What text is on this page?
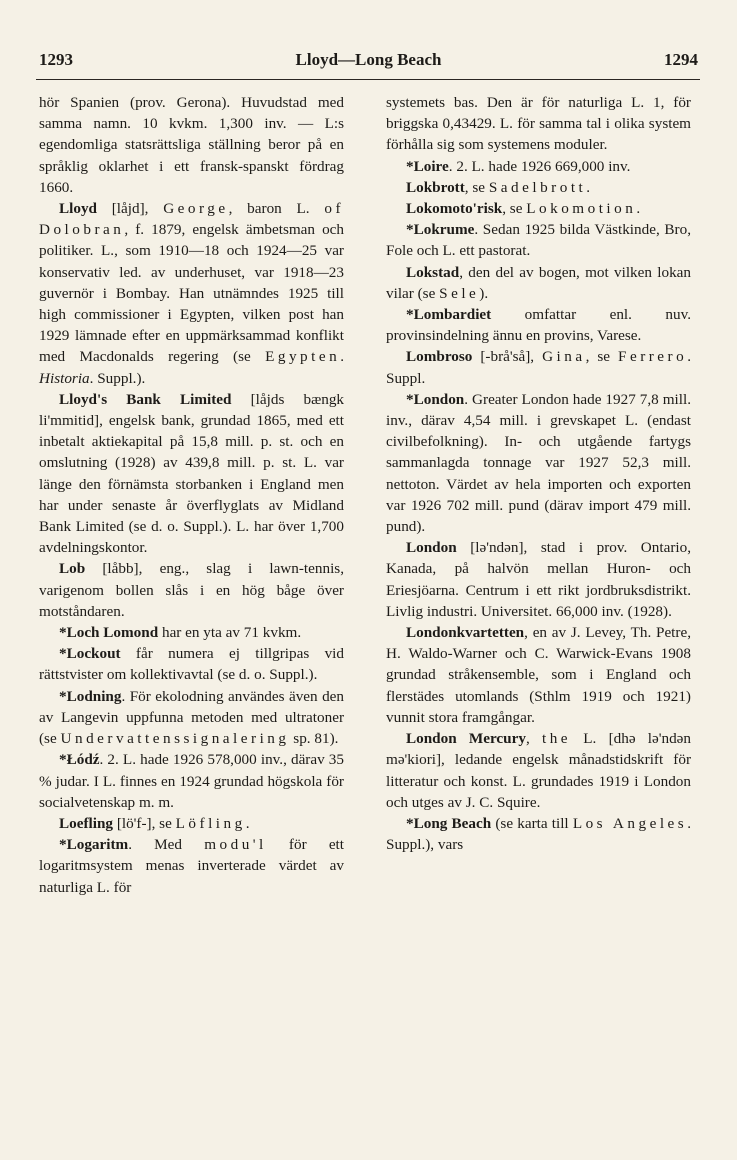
1293	Lloyd—Long Beach	1294

hör Spanien (prov. Gerona). Huvudstad med samma namn. 10 kvkm. 1,300 inv. — L:s egendomliga statsrättsliga ställning beror på en språklig oklarhet i ett fransk-spanskt fördrag 1660.

Lloyd [låjd], George, baron L. of Dolobran, f. 1879, engelsk ämbetsman och politiker. L., som 1910—18 och 1924—25 var konservativ led. av underhuset, var 1918—23 guvernör i Bombay. Han utnämndes 1925 till high commissioner i Egypten, vilken post han 1929 lämnade efter en uppmärksammad konflikt med Macdonalds regering (se Egypten. Historia. Suppl.).

Lloyd's Bank Limited [låjds bængk li'mmitid], engelsk bank, grundad 1865, med ett inbetalt aktiekapital på 15,8 mill. p. st. och en omslutning (1928) av 439,8 mill. p. st. L. var länge den förnämsta storbanken i England men har under senaste år överflyglats av Midland Bank Limited (se d. o. Suppl.). L. har över 1,700 avdelningskontor.

Lob [låbb], eng., slag i lawn-tennis, varigenom bollen slås i en hög båge över motståndaren.

*Loch Lomond har en yta av 71 kvkm.

*Lockout får numera ej tillgripas vid rättstvister om kollektivavtal (se d. o. Suppl.).

*Lodning. För ekolodning användes även den av Langevin uppfunna metoden med ultratoner (se Undervattenssignalering sp. 81).

*Łódź. 2. L. hade 1926 578,000 inv., därav 35 % judar. I L. finnes en 1924 grundad högskola för socialvetenskap m. m.

Loefling [lö'f-], se Löfling.

*Logaritm. Med modu'l för ett logaritmsystem menas inverterade värdet av naturliga L. för

systemets bas. Den är för naturliga L. 1, för briggska 0,43429. L. för samma tal i olika system förhålla sig som systemens moduler.

*Loire. 2. L. hade 1926 669,000 inv.

Lokbrott, se Sadelbrott.

Lokomoto'risk, se Lokomotion.

*Lokrume. Sedan 1925 bilda Västkinde, Bro, Fole och L. ett pastorat.

Lokstad, den del av bogen, mot vilken lokan vilar (se Sele).

*Lombardiet omfattar enl. nuv. provinsindelning ännu en provins, Varese.

Lombroso [-brå'så], Gina, se Ferrero. Suppl.

*London. Greater London hade 1927 7,8 mill. inv., därav 4,54 mill. i grevskapet L. (endast civilbefolkning). In- och utgående fartygs sammanlagda tonnage var 1927 52,3 mill. nettoton. Värdet av hela importen och exporten var 1926 702 mill. pund (därav import 479 mill. pund).

London [lə'ndən], stad i prov. Ontario, Kanada, på halvön mellan Huron- och Eriesjöarna. Centrum i ett rikt jordbruksdistrikt. Livlig industri. Universitet. 66,000 inv. (1928).

Londonkvartetten, en av J. Levey, Th. Petre, H. Waldo-Warner och C. Warwick-Evans 1908 grundad stråkensemble, som i England och flerstädes utomlands (Sthlm 1919 och 1921) vunnit stora framgångar.

London Mercury, the L. [dhə lə'ndən mə'kiori], ledande engelsk månadstidskrift för litteratur och konst. L. grundades 1919 i London och utges av J. C. Squire.

*Long Beach (se karta till Los Angeles. Suppl.), vars
